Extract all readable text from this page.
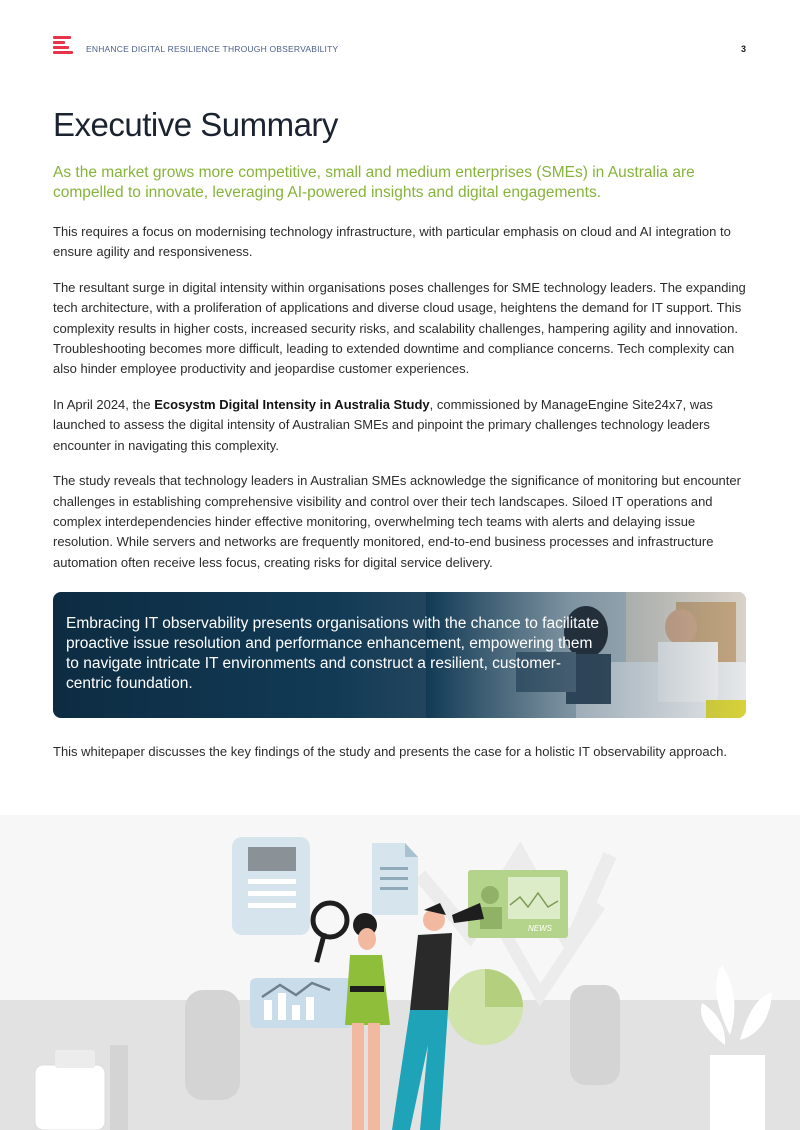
ENHANCE DIGITAL RESILIENCE THROUGH OBSERVABILITY	3
Executive Summary
As the market grows more competitive, small and medium enterprises (SMEs) in Australia are compelled to innovate, leveraging AI-powered insights and digital engagements.

This requires a focus on modernising technology infrastructure, with particular emphasis on cloud and AI integration to ensure agility and responsiveness.

The resultant surge in digital intensity within organisations poses challenges for SME technology leaders. The expanding tech architecture, with a proliferation of applications and diverse cloud usage, heightens the demand for IT support. This complexity results in higher costs, increased security risks, and scalability challenges, hampering agility and innovation. Troubleshooting becomes more difficult, leading to extended downtime and compliance concerns. Tech complexity can also hinder employee productivity and jeopardise customer experiences.

In April 2024, the Ecosystm Digital Intensity in Australia Study, commissioned by ManageEngine Site24x7, was launched to assess the digital intensity of Australian SMEs and pinpoint the primary challenges technology leaders encounter in navigating this complexity.

The study reveals that technology leaders in Australian SMEs acknowledge the significance of monitoring but encounter challenges in establishing comprehensive visibility and control over their tech landscapes. Siloed IT operations and complex interdependencies hinder effective monitoring, overwhelming tech teams with alerts and delaying issue resolution. While servers and networks are frequently monitored, end-to-end business processes and infrastructure automation often receive less focus, creating risks for digital service delivery.

Embracing IT observability presents organisations with the chance to facilitate proactive issue resolution and performance enhancement, empowering them to navigate intricate IT environments and construct a resilient, customer-centric foundation.
This whitepaper discusses the key findings of the study and presents the case for a holistic IT observability approach.
NEWS
